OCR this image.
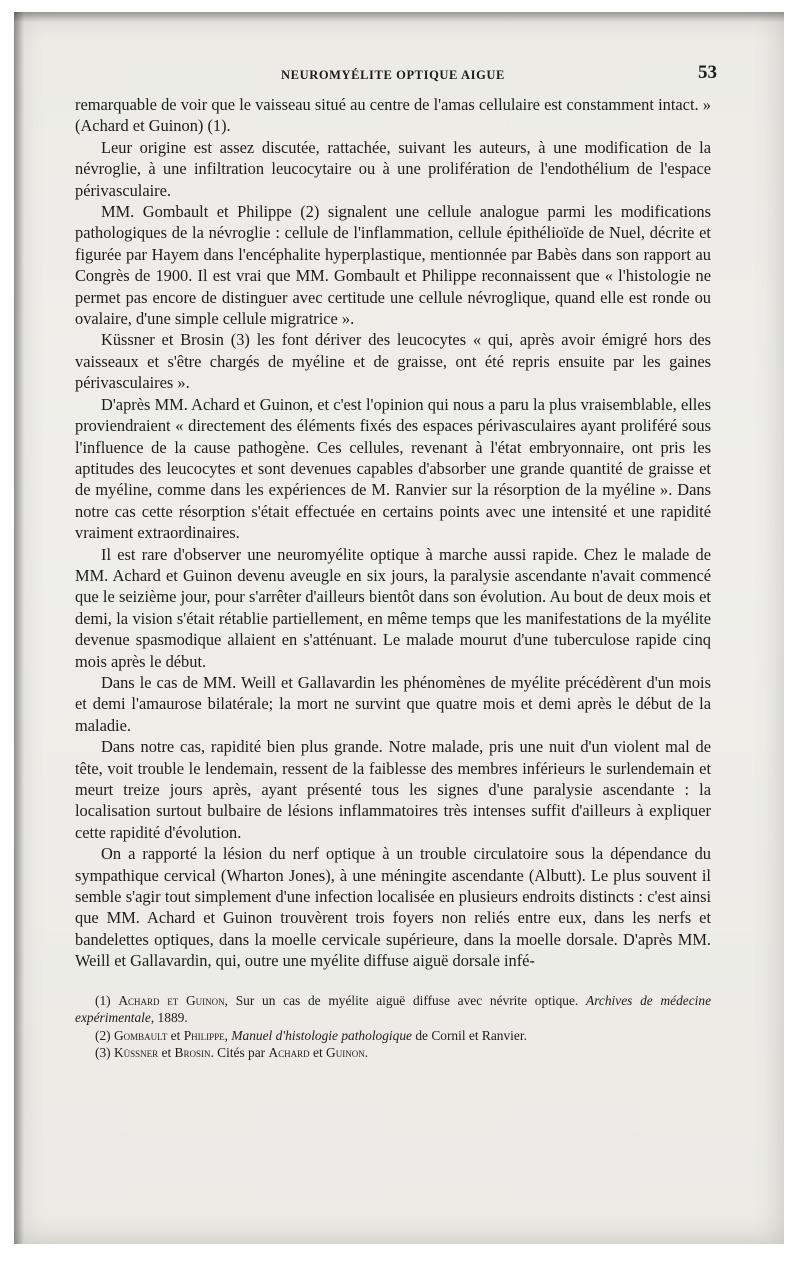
NEUROMYÉLITE OPTIQUE AIGUE	53

remarquable de voir que le vaisseau situé au centre de l'amas cellulaire est constamment intact. » (Achard et Guinon) (1).

Leur origine est assez discutée, rattachée, suivant les auteurs, à une modification de la névroglie, à une infiltration leucocytaire ou à une prolifération de l'endothélium de l'espace périvasculaire.

MM. Gombault et Philippe (2) signalent une cellule analogue parmi les modifications pathologiques de la névroglie : cellule de l'inflammation, cellule épithélioïde de Nuel, décrite et figurée par Hayem dans l'encéphalite hyperplastique, mentionnée par Babès dans son rapport au Congrès de 1900. Il est vrai que MM. Gombault et Philippe reconnaissent que « l'histologie ne permet pas encore de distinguer avec certitude une cellule névroglique, quand elle est ronde ou ovalaire, d'une simple cellule migratrice ».

Küssner et Brosin (3) les font dériver des leucocytes « qui, après avoir émigré hors des vaisseaux et s'être chargés de myéline et de graisse, ont été repris ensuite par les gaines périvasculaires ».

D'après MM. Achard et Guinon, et c'est l'opinion qui nous a paru la plus vraisemblable, elles proviendraient « directement des éléments fixés des espaces périvasculaires ayant proliféré sous l'influence de la cause pathogène. Ces cellules, revenant à l'état embryonnaire, ont pris les aptitudes des leucocytes et sont devenues capables d'absorber une grande quantité de graisse et de myéline, comme dans les expériences de M. Ranvier sur la résorption de la myéline ». Dans notre cas cette résorption s'était effectuée en certains points avec une intensité et une rapidité vraiment extraordinaires.

Il est rare d'observer une neuromyélite optique à marche aussi rapide. Chez le malade de MM. Achard et Guinon devenu aveugle en six jours, la paralysie ascendante n'avait commencé que le seizième jour, pour s'arrêter d'ailleurs bientôt dans son évolution. Au bout de deux mois et demi, la vision s'était rétablie partiellement, en même temps que les manifestations de la myélite devenue spasmodique allaient en s'atténuant. Le malade mourut d'une tuberculose rapide cinq mois après le début.

Dans le cas de MM. Weill et Gallavardin les phénomènes de myélite précédèrent d'un mois et demi l'amaurose bilatérale; la mort ne survint que quatre mois et demi après le début de la maladie.

Dans notre cas, rapidité bien plus grande. Notre malade, pris une nuit d'un violent mal de tête, voit trouble le lendemain, ressent de la faiblesse des membres inférieurs le surlendemain et meurt treize jours après, ayant présenté tous les signes d'une paralysie ascendante : la localisation surtout bulbaire de lésions inflammatoires très intenses suffit d'ailleurs à expliquer cette rapidité d'évolution.

On a rapporté la lésion du nerf optique à un trouble circulatoire sous la dépendance du sympathique cervical (Wharton Jones), à une méningite ascendante (Albutt). Le plus souvent il semble s'agir tout simplement d'une infection localisée en plusieurs endroits distincts : c'est ainsi que MM. Achard et Guinon trouvèrent trois foyers non reliés entre eux, dans les nerfs et bandelettes optiques, dans la moelle cervicale supérieure, dans la moelle dorsale. D'après MM. Weill et Gallavardin, qui, outre une myélite diffuse aiguë dorsale infé-

(1) Achard et Guinon, Sur un cas de myélite aiguë diffuse avec névrite optique. Archives de médecine expérimentale, 1889.

(2) Gombault et Philippe, Manuel d'histologie pathologique de Cornil et Ranvier.

(3) Küssner et Brosin. Cités par Achard et Guinon.
